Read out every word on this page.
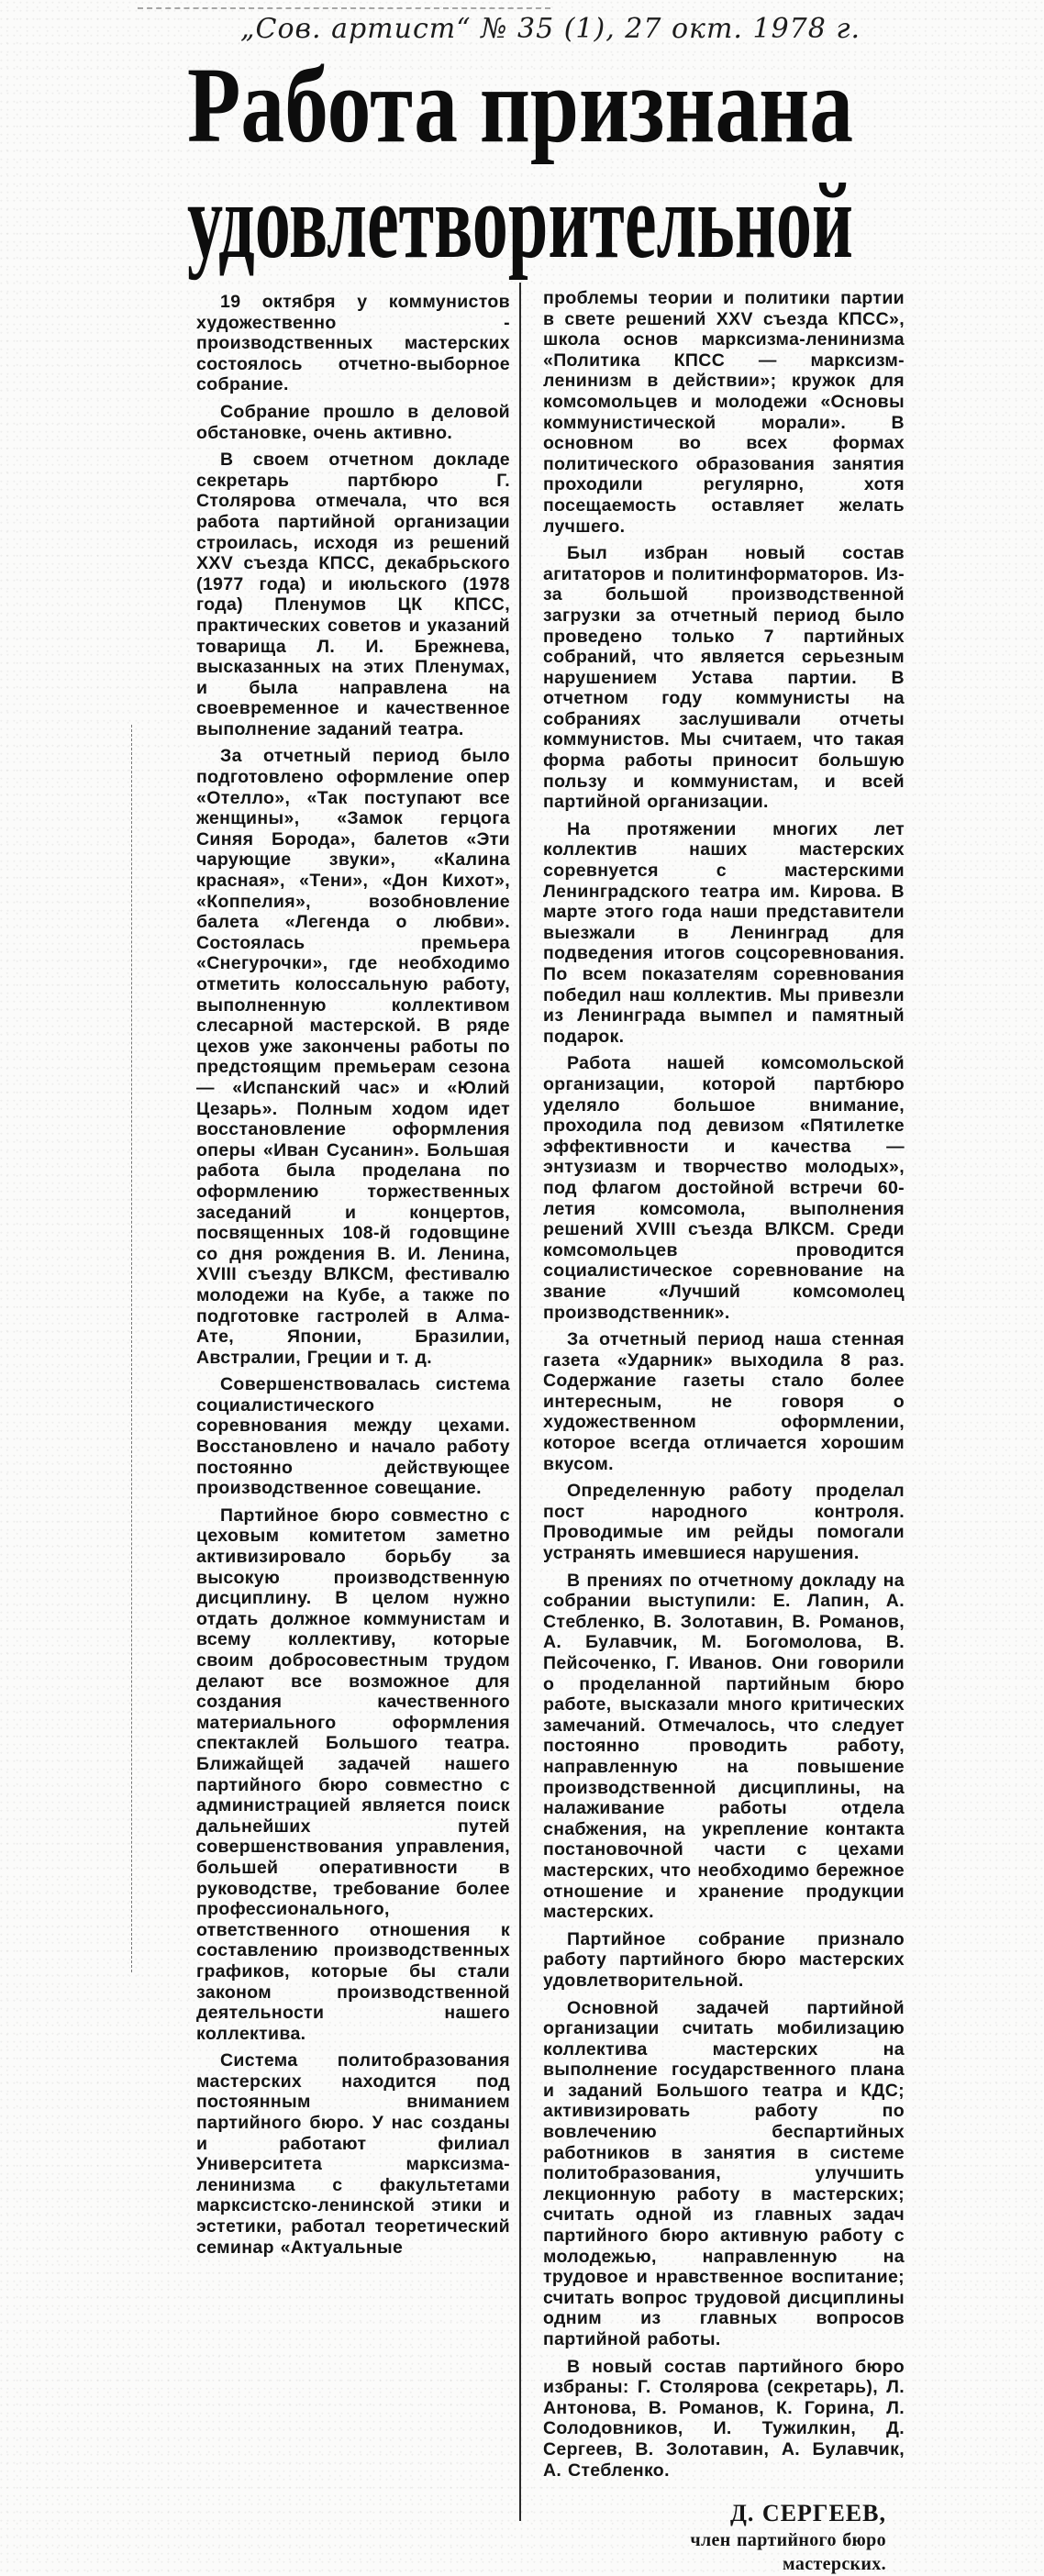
„Сов. артист“ № 35 (1), 27 окт. 1978 г.
Работа признана
удовлетворительной

19 октября у коммунистов художественно - производственных мастерских состоялось отчетно-выборное собрание.

Собрание прошло в деловой обстановке, очень активно.

В своем отчетном докладе секретарь партбюро Г. Столярова отмечала, что вся работа партийной организации строилась, исходя из решений XXV съезда КПСС, декабрьского (1977 года) и июльского (1978 года) Пленумов ЦК КПСС, практических советов и указаний товарища Л. И. Брежнева, высказанных на этих Пленумах, и была направлена на своевременное и качественное выполнение заданий театра.

За отчетный период было подготовлено оформление опер «Отелло», «Так поступают все женщины», «Замок герцога Синяя Борода», балетов «Эти чарующие звуки», «Калина красная», «Тени», «Дон Кихот», «Коппелия», возобновление балета «Легенда о любви». Состоялась премьера «Снегурочки», где необходимо отметить колоссальную работу, выполненную коллективом слесарной мастерской. В ряде цехов уже закончены работы по предстоящим премьерам сезона — «Испанский час» и «Юлий Цезарь». Полным ходом идет восстановление оформления оперы «Иван Сусанин». Большая работа была проделана по оформлению торжественных заседаний и концертов, посвященных 108-й годовщине со дня рождения В. И. Ленина, XVIII съезду ВЛКСМ, фестивалю молодежи на Кубе, а также по подготовке гастролей в Алма-Ате, Японии, Бразилии, Австралии, Греции и т. д.

Совершенствовалась система социалистического соревнования между цехами. Восстановлено и начало работу постоянно действующее производственное совещание.

Партийное бюро совместно с цеховым комитетом заметно активизировало борьбу за высокую производственную дисциплину. В целом нужно отдать должное коммунистам и всему коллективу, которые своим добросовестным трудом делают все возможное для создания качественного материального оформления спектаклей Большого театра. Ближайщей задачей нашего партийного бюро совместно с администрацией является поиск дальнейших путей совершенствования управления, большей оперативности в руководстве, требование более профессионального, ответственного отношения к составлению производственных графиков, которые бы стали законом производственной деятельности нашего коллектива.

Система политобразования мастерских находится под постоянным вниманием партийного бюро. У нас созданы и работают филиал Университета марксизма-ленинизма с факультетами марксистско-ленинской этики и эстетики, работал теоретический семинар «Актуальные

проблемы теории и политики партии в свете решений XXV съезда КПСС», школа основ марксизма-ленинизма «Политика КПСС — марксизм-ленинизм в действии»; кружок для комсомольцев и молодежи «Основы коммунистической морали». В основном во всех формах политического образования занятия проходили регулярно, хотя посещаемость оставляет желать лучшего.

Был избран новый состав агитаторов и политинформаторов. Из-за большой производственной загрузки за отчетный период было проведено только 7 партийных собраний, что является серьезным нарушением Устава партии. В отчетном году коммунисты на собраниях заслушивали отчеты коммунистов. Мы считаем, что такая форма работы приносит большую пользу и коммунистам, и всей партийной организации.

На протяжении многих лет коллектив наших мастерских соревнуется с мастерскими Ленинградского театра им. Кирова. В марте этого года наши представители выезжали в Ленинград для подведения итогов соцсоревнования. По всем показателям соревнования победил наш коллектив. Мы привезли из Ленинграда вымпел и памятный подарок.

Работа нашей комсомольской организации, которой партбюро уделяло большое внимание, проходила под девизом «Пятилетке эффективности и качества — энтузиазм и творчество молодых», под флагом достойной встречи 60-летия комсомола, выполнения решений XVIII съезда ВЛКСМ. Среди комсомольцев проводится социалистическое соревнование на звание «Лучший комсомолец производственник».

За отчетный период наша стенная газета «Ударник» выходила 8 раз. Содержание газеты стало более интересным, не говоря о художественном оформлении, которое всегда отличается хорошим вкусом.

Определенную работу проделал пост народного контроля. Проводимые им рейды помогали устранять имевшиеся нарушения.

В прениях по отчетному докладу на собрании выступили: Е. Лапин, А. Стебленко, В. Золотавин, В. Романов, А. Булавчик, М. Богомолова, В. Пейсоченко, Г. Иванов. Они говорили о проделанной партийным бюро работе, высказали много критических замечаний. Отмечалось, что следует постоянно проводить работу, направленную на повышение производственной дисциплины, на налаживание работы отдела снабжения, на укрепление контакта постановочной части с цехами мастерских, что необходимо бережное отношение и хранение продукции мастерских.

Партийное собрание признало работу партийного бюро мастерских удовлетворительной.

Основной задачей партийной организации считать мобилизацию коллектива мастерских на выполнение государственного плана и заданий Большого театра и КДС; активизировать работу по вовлечению беспартийных работников в занятия в системе политобразования, улучшить лекционную работу в мастерских; считать одной из главных задач партийного бюро активную работу с молодежью, направленную на трудовое и нравственное воспитание; считать вопрос трудовой дисциплины одним из главных вопросов партийной работы.

В новый состав партийного бюро избраны: Г. Столярова (секретарь), Л. Антонова, В. Романов, К. Горина, Л. Солодовников, И. Тужилкин, Д. Сергеев, В. Золотавин, А. Булавчик, А. Стебленко.

Д. СЕРГЕЕВ,
член партийного бюро
мастерских.
